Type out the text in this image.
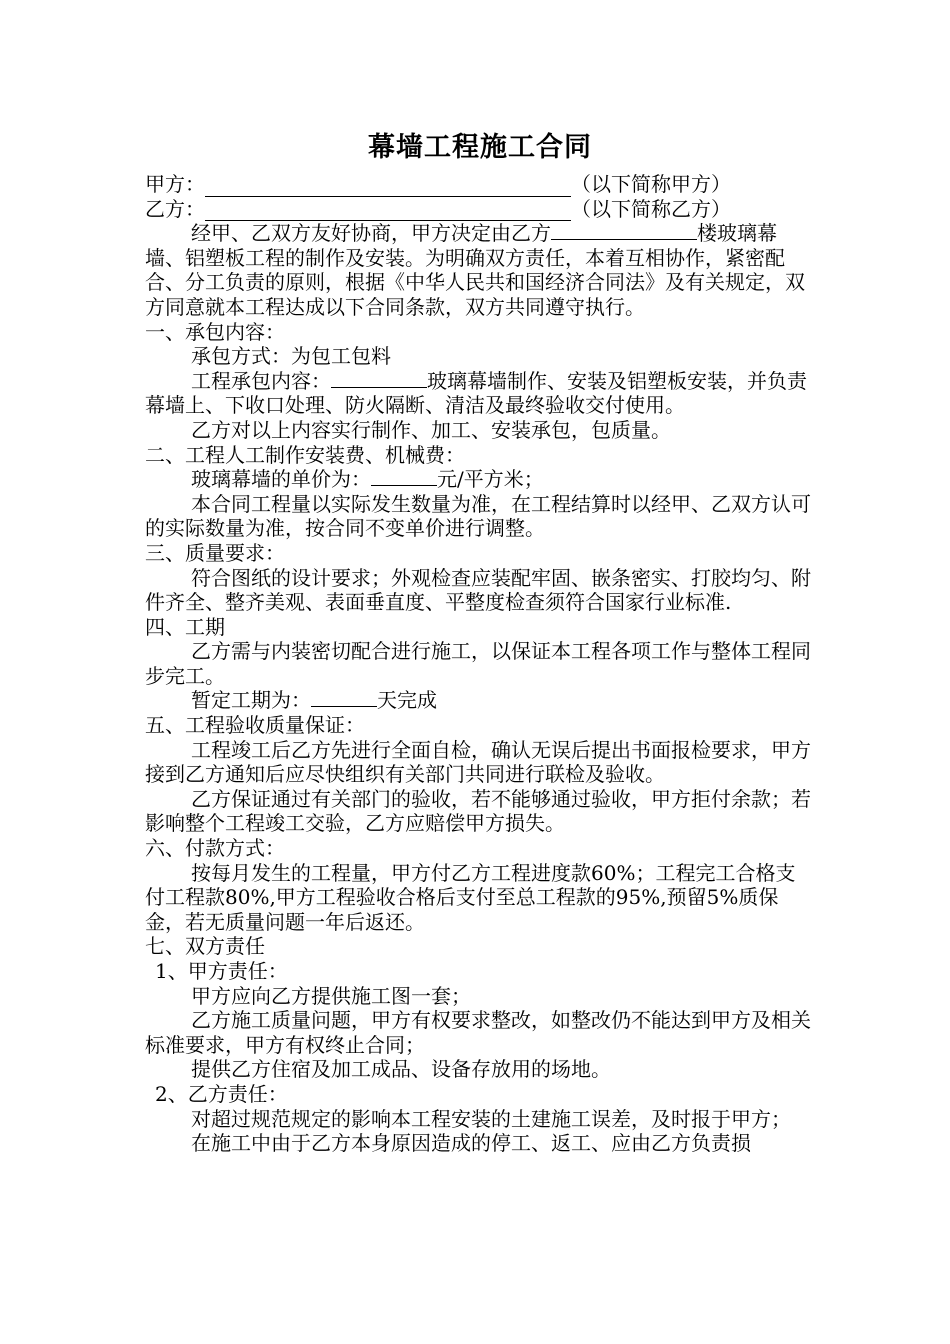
幕墙工程施工合同
甲方：	（以下简称甲方）
乙方：	（以下简称乙方）
经甲、乙双方友好协商，甲方决定由乙方	楼玻璃幕墙、铝塑板工程的制作及安装。为明确双方责任，本着互相协作，紧密配合、分工负责的原则，根据《中华人民共和国经济合同法》及有关规定，双方同意就本工程达成以下合同条款，双方共同遵守执行。
一、承包内容：
承包方式：为包工包料
工程承包内容：	玻璃幕墙制作、安装及铝塑板安装，并负责幕墙上、下收口处理、防火隔断、清洁及最终验收交付使用。
乙方对以上内容实行制作、加工、安装承包，包质量。
二、工程人工制作安装费、机械费：
玻璃幕墙的单价为：	元/平方米；
本合同工程量以实际发生数量为准，在工程结算时以经甲、乙双方认可的实际数量为准，按合同不变单价进行调整。
三、质量要求：
符合图纸的设计要求；外观检查应装配牢固、嵌条密实、打胶均匀、附件齐全、整齐美观、表面垂直度、平整度检查须符合国家行业标准.
四、工期
乙方需与内装密切配合进行施工，以保证本工程各项工作与整体工程同步完工。
暂定工期为：	天完成
五、工程验收质量保证：
工程竣工后乙方先进行全面自检，确认无误后提出书面报检要求，甲方接到乙方通知后应尽快组织有关部门共同进行联检及验收。
乙方保证通过有关部门的验收，若不能够通过验收，甲方拒付余款；若影响整个工程竣工交验，乙方应赔偿甲方损失。
六、付款方式：
按每月发生的工程量，甲方付乙方工程进度款60%；工程完工合格支付工程款80%,甲方工程验收合格后支付至总工程款的95%,预留5%质保金，若无质量问题一年后返还。
七、双方责任
1、甲方责任：
甲方应向乙方提供施工图一套；
乙方施工质量问题，甲方有权要求整改，如整改仍不能达到甲方及相关标准要求，甲方有权终止合同；
提供乙方住宿及加工成品、设备存放用的场地。
2、乙方责任：
对超过规范规定的影响本工程安装的土建施工误差，及时报于甲方；
在施工中由于乙方本身原因造成的停工、返工、应由乙方负责损
